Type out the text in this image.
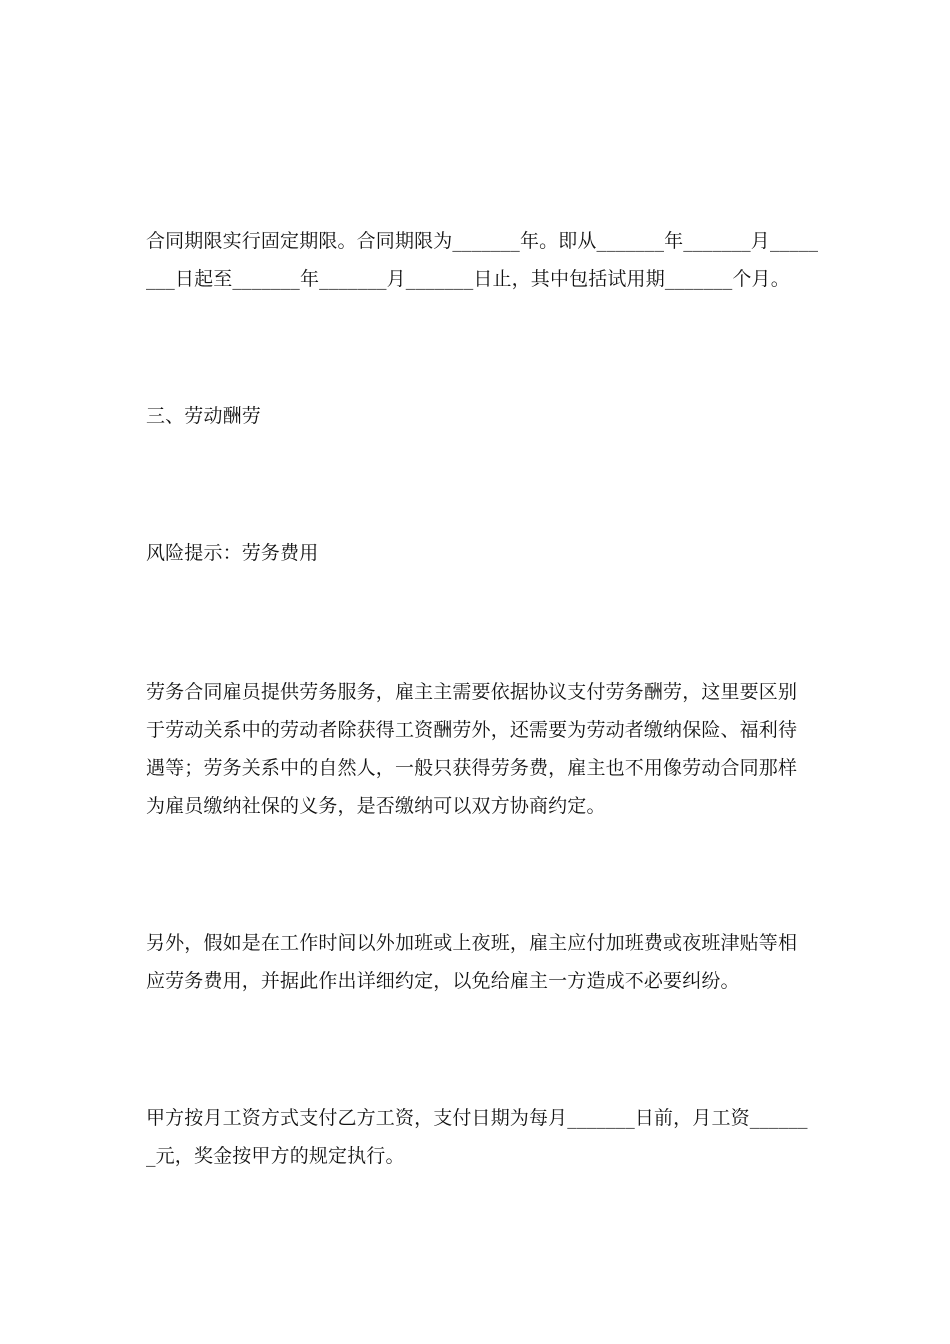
合同期限实行固定期限。合同期限为_______年。即从_______年_______月_____
___日起至_______年_______月_______日止，其中包括试用期_______个月。
三、劳动酬劳
风险提示：劳务费用
劳务合同雇员提供劳务服务，雇主主需要依据协议支付劳务酬劳，这里要区别
于劳动关系中的劳动者除获得工资酬劳外，还需要为劳动者缴纳保险、福利待
遇等；劳务关系中的自然人，一般只获得劳务费，雇主也不用像劳动合同那样
为雇员缴纳社保的义务，是否缴纳可以双方协商约定。
另外，假如是在工作时间以外加班或上夜班，雇主应付加班费或夜班津贴等相
应劳务费用，并据此作出详细约定，以免给雇主一方造成不必要纠纷。
甲方按月工资方式支付乙方工资，支付日期为每月_______日前，月工资______
_元，奖金按甲方的规定执行。
